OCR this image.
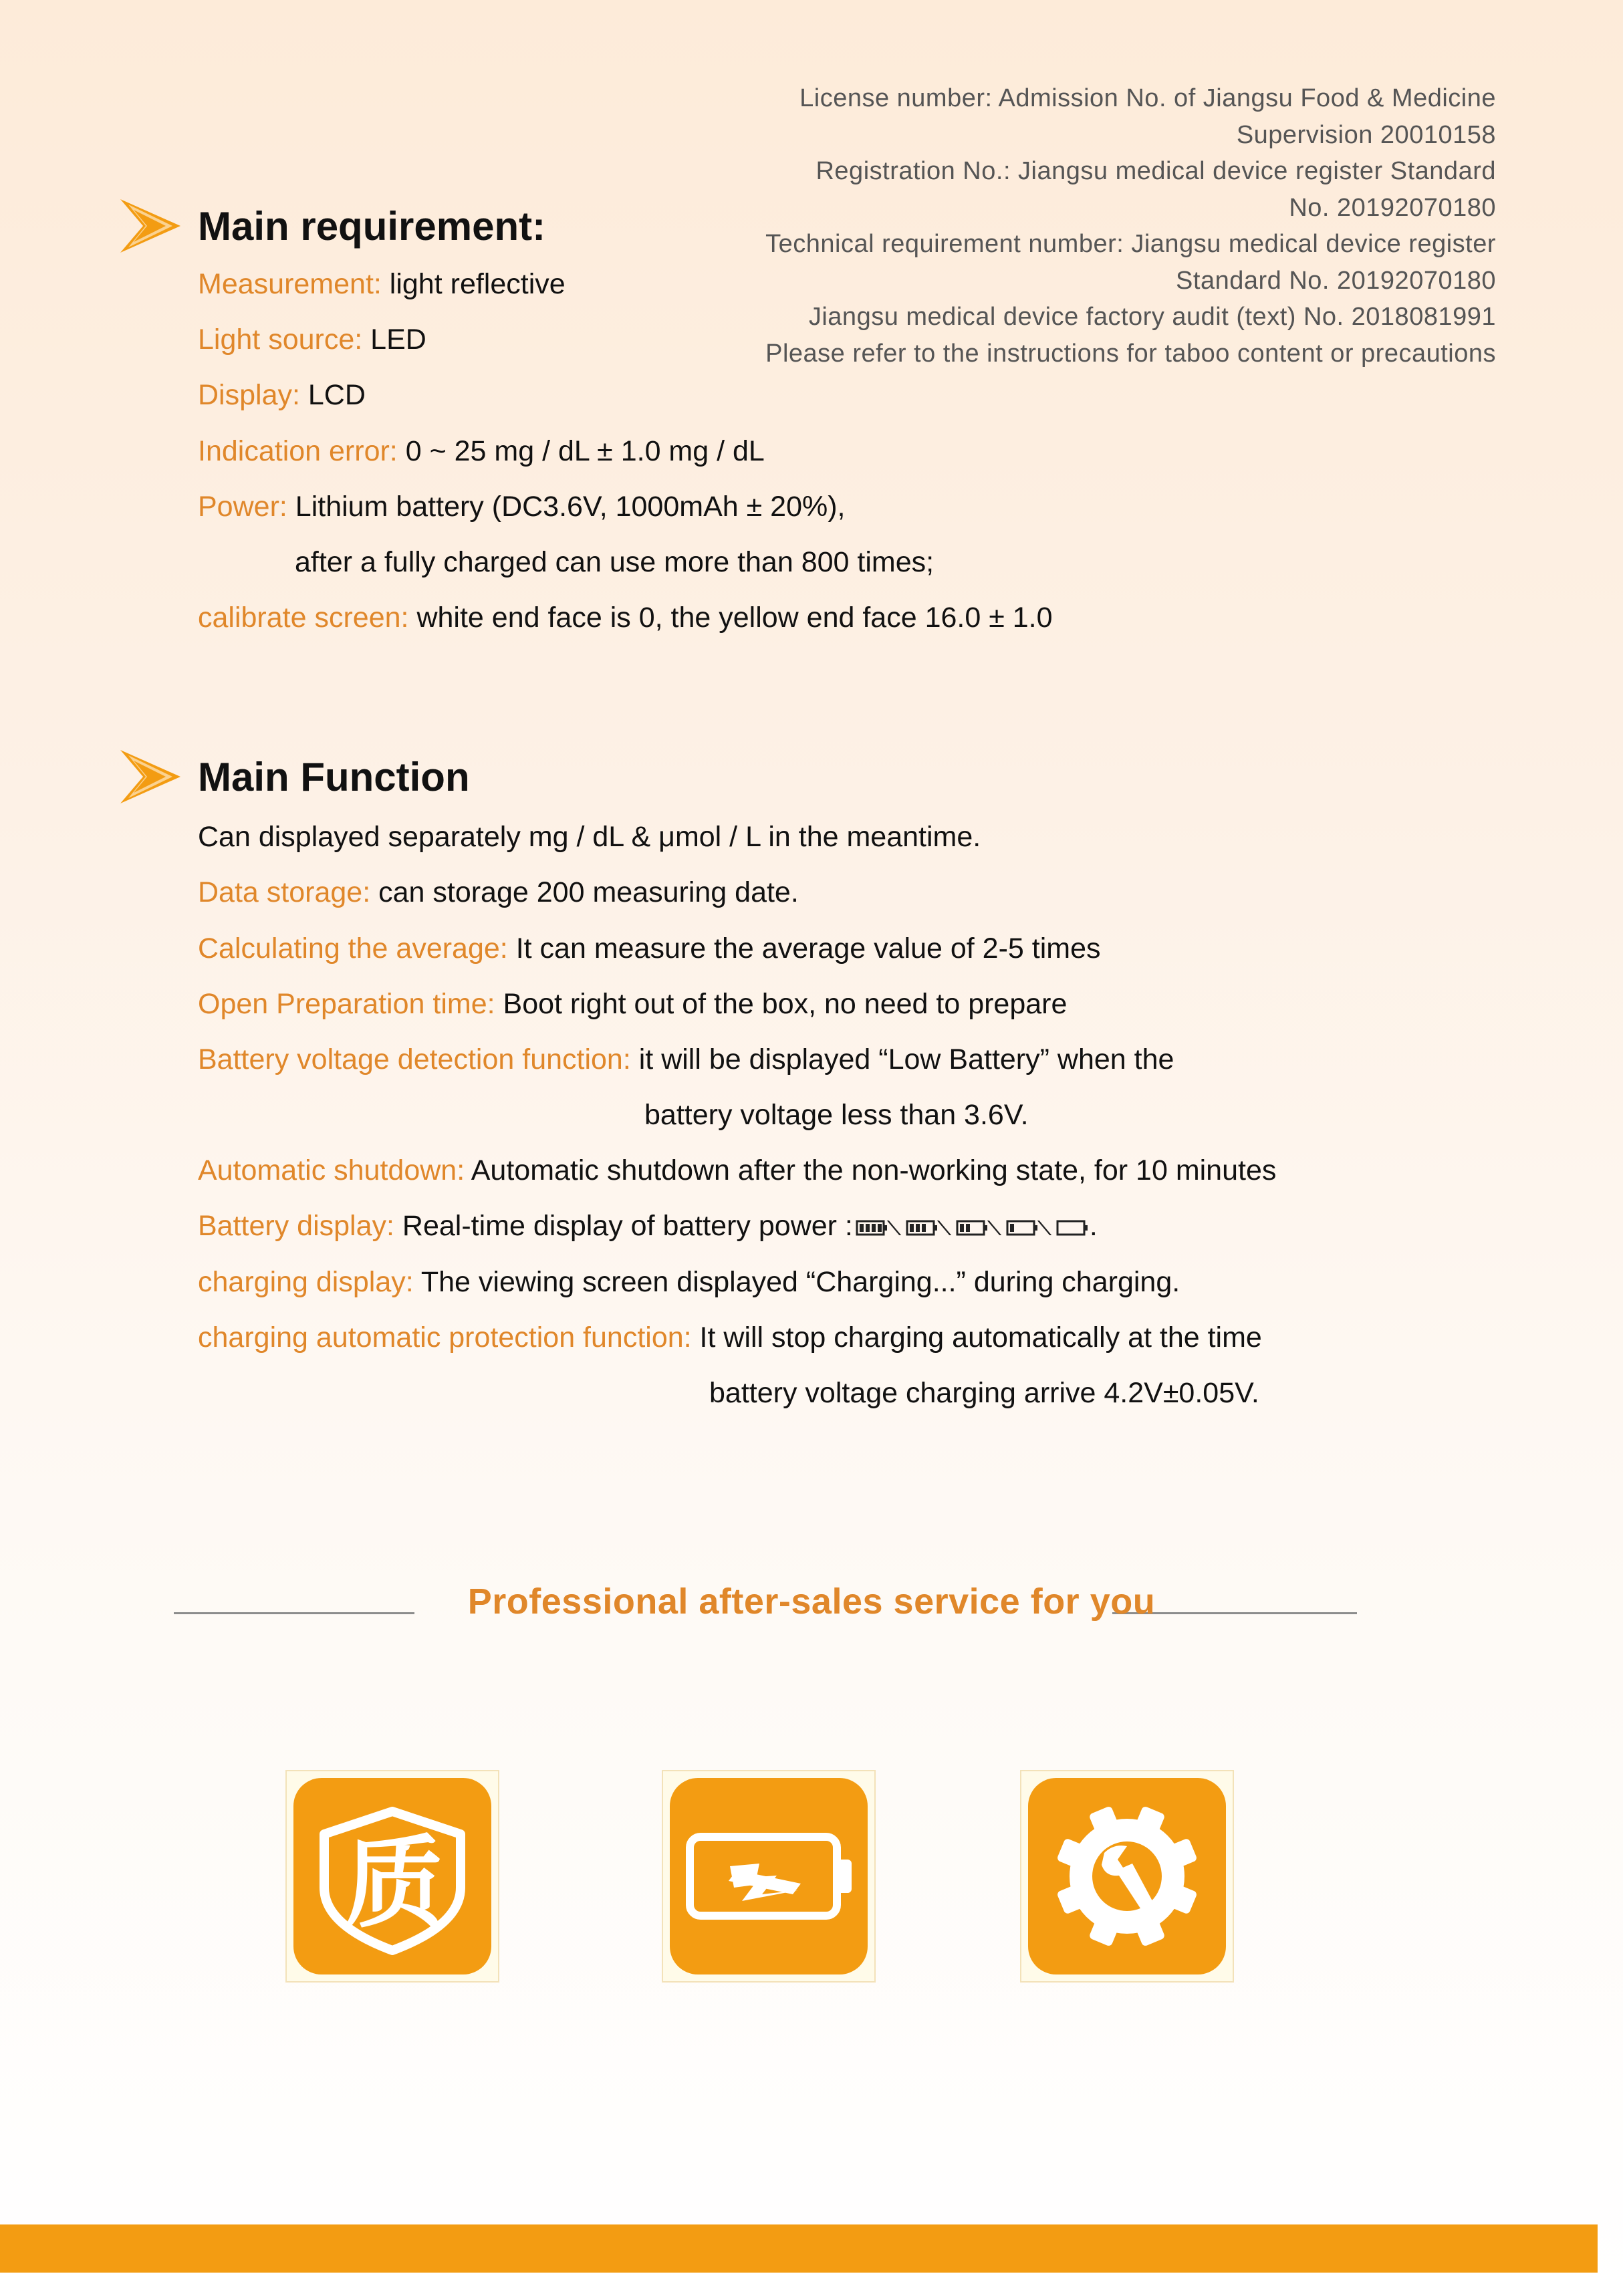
License number: Admission No. of Jiangsu Food & Medicine
Supervision 20010158
Registration No.: Jiangsu medical device register Standard
No. 20192070180
Technical requirement number: Jiangsu medical device register
Standard No. 20192070180
Jiangsu medical device factory audit (text) No. 2018081991
Please refer to the instructions for taboo content or precautions
Main requirement:
Measurement: light reflective
Light source: LED
Display: LCD
Indication error: 0 ~ 25 mg / dL ± 1.0 mg / dL
Power: Lithium battery (DC3.6V, 1000mAh ± 20%),
after a fully charged can use more than 800 times;
calibrate screen: white end face is 0, the yellow end face 16.0 ± 1.0
Main Function
Can displayed separately mg / dL & μmol / L in the meantime.
Data storage: can storage 200 measuring date.
Calculating the average: It can measure the average value of 2-5 times
Open Preparation time: Boot right out of the box, no need to prepare
Battery voltage detection function: it will be displayed “Low Battery” when the
battery voltage less than 3.6V.
Automatic shutdown: Automatic shutdown after the non-working state, for 10 minutes
Battery display: Real-time display of battery power :	.
charging display: The viewing screen displayed “Charging...” during charging.
charging automatic protection function: It will stop charging automatically at the time
battery voltage charging arrive 4.2V±0.05V.
Professional after-sales service for you
质
